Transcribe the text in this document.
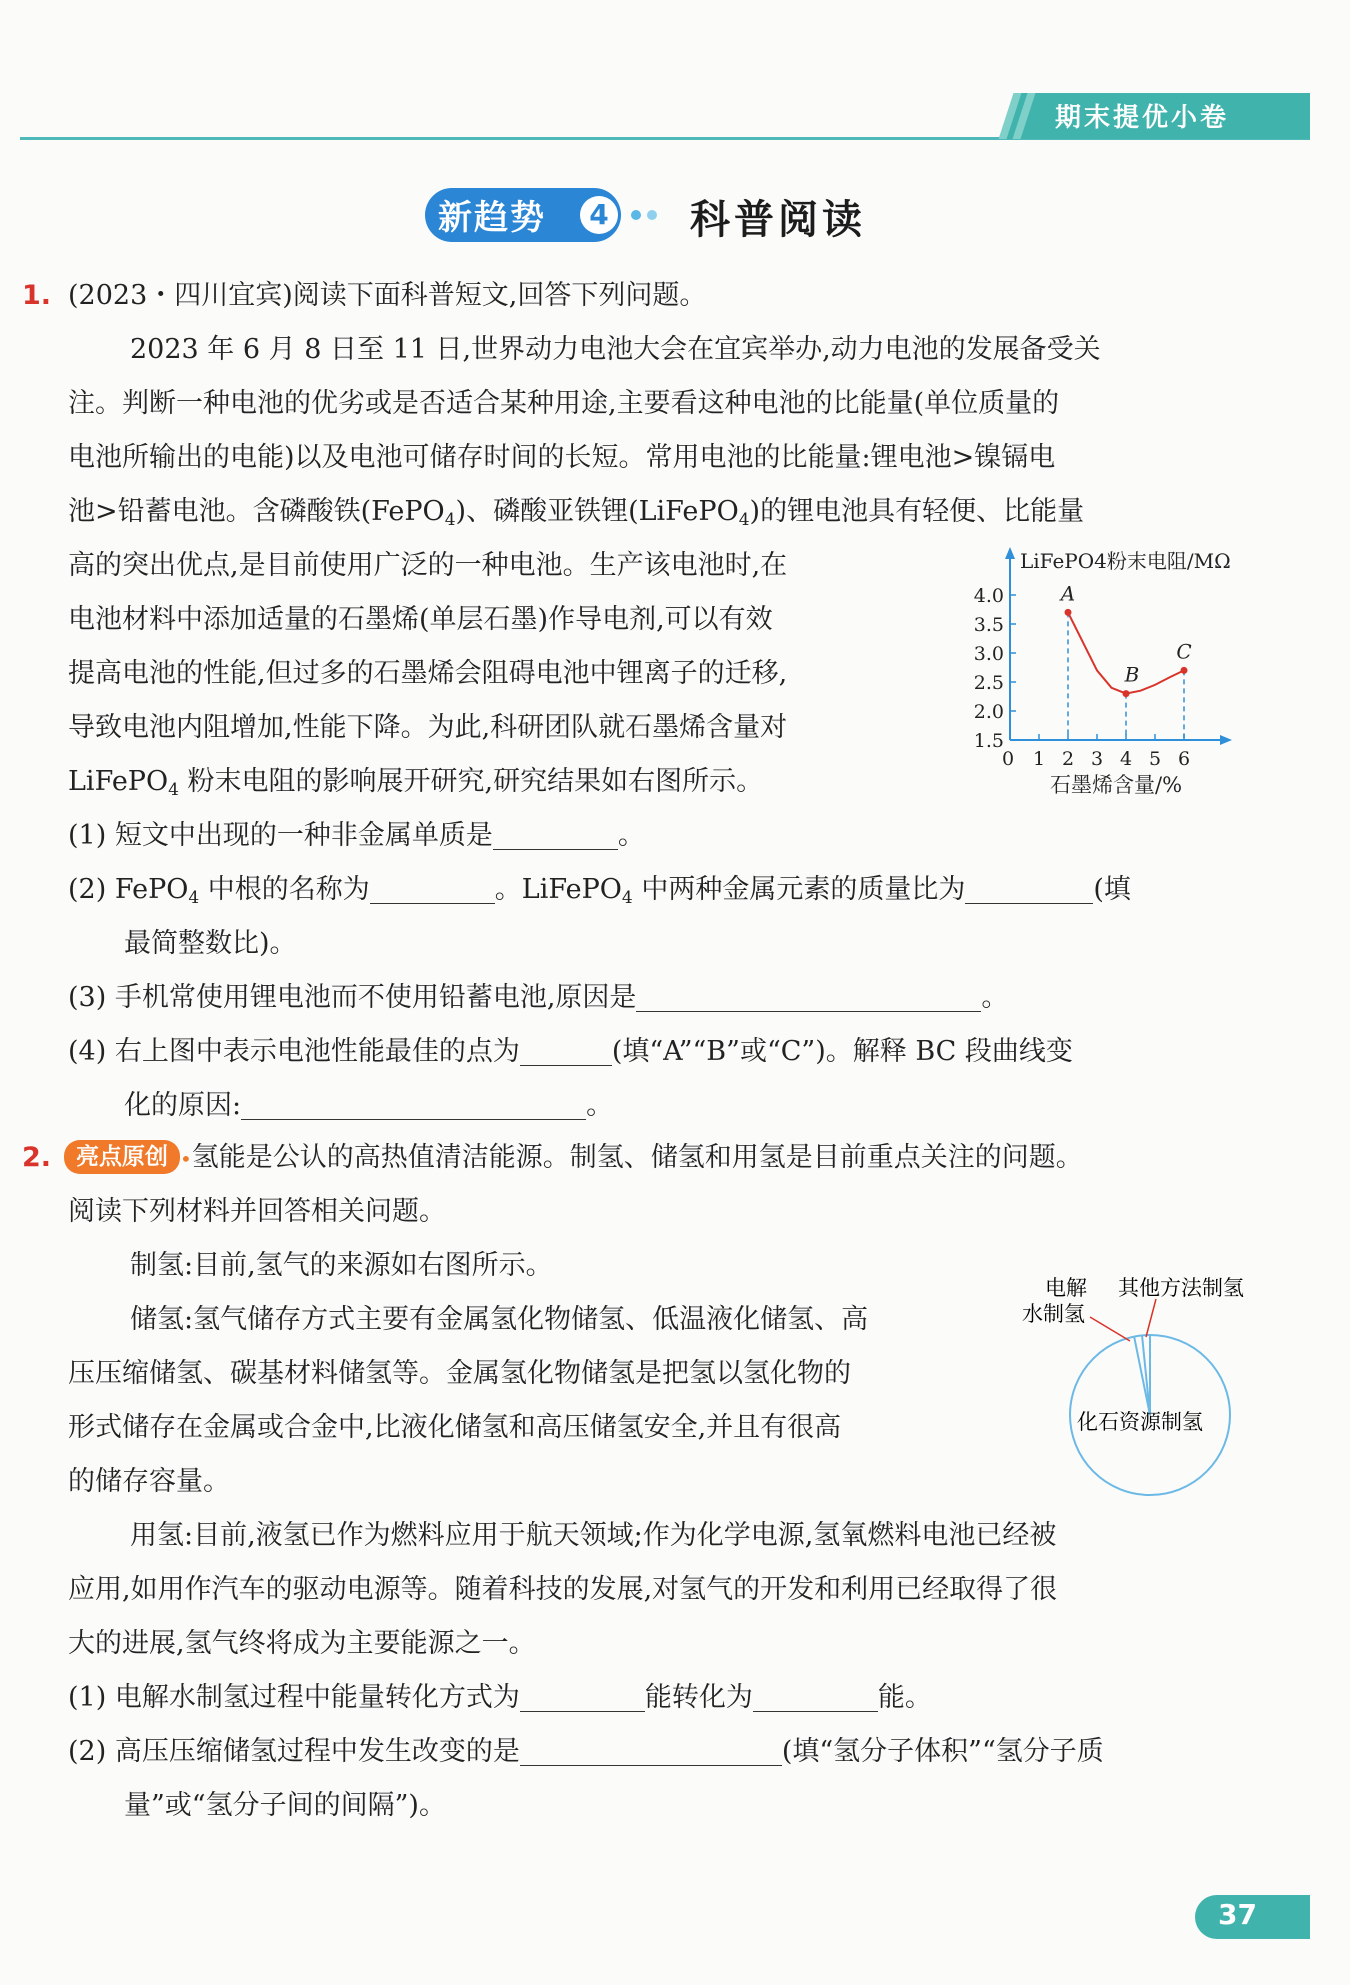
期末提优小卷
新趋势	4 科普阅读
1. (2023・四川宜宾)阅读下面科普短文,回答下列问题。
2023 年 6 月 8 日至 11 日,世界动力电池大会在宜宾举办,动力电池的发展备受关
注。判断一种电池的优劣或是否适合某种用途,主要看这种电池的比能量(单位质量的
电池所输出的电能)以及电池可储存时间的长短。常用电池的比能量:锂电池>镍镉电
池>铅蓄电池。含磷酸铁(FePO$_4$)、磷酸亚铁锂(LiFePO$_4$)的锂电池具有轻便、比能量
高的突出优点,是目前使用广泛的一种电池。生产该电池时,在
电池材料中添加适量的石墨烯(单层石墨)作导电剂,可以有效
提高电池的性能,但过多的石墨烯会阻碍电池中锂离子的迁移,
导致电池内阻增加,性能下降。为此,科研团队就石墨烯含量对
LiFePO$_4$ 粉末电阻的影响展开研究,研究结果如右图所示。
1.5
2.0
2.5
3.0
3.5
4.0
0 1 2 3 4 5 6
LiFePO4粉末电阻/MΩ
石墨烯含量/%
A
B
C
(1) 短文中出现的一种非金属单质是	。
(2) FePO$_4$ 中根的名称为	。LiFePO$_4$ 中两种金属元素的质量比为	(填
最简整数比)。
(3) 手机常使用锂电池而不使用铅蓄电池,原因是	。
(4) 右上图中表示电池性能最佳的点为	(填“A”“B”或“C”)。解释 BC 段曲线变
化的原因:	。
2.	亮点原创 •氢能是公认的高热值清洁能源。制氢、储氢和用氢是目前重点关注的问题。
阅读下列材料并回答相关问题。
制氢:目前,氢气的来源如右图所示。
储氢:氢气储存方式主要有金属氢化物储氢、低温液化储氢、高
压压缩储氢、碳基材料储氢等。金属氢化物储氢是把氢以氢化物的
形式储存在金属或合金中,比液化储氢和高压储氢安全,并且有很高
的储存容量。
用氢:目前,液氢已作为燃料应用于航天领域;作为化学电源,氢氧燃料电池已经被
应用,如用作汽车的驱动电源等。随着科技的发展,对氢气的开发和利用已经取得了很
大的进展,氢气终将成为主要能源之一。
电解
水制氢
其他方法制氢
化石资源制氢
(1) 电解水制氢过程中能量转化方式为	能转化为	能。
(2) 高压压缩储氢过程中发生改变的是	(填“氢分子体积”“氢分子质
量”或“氢分子间的间隔”)。
37
